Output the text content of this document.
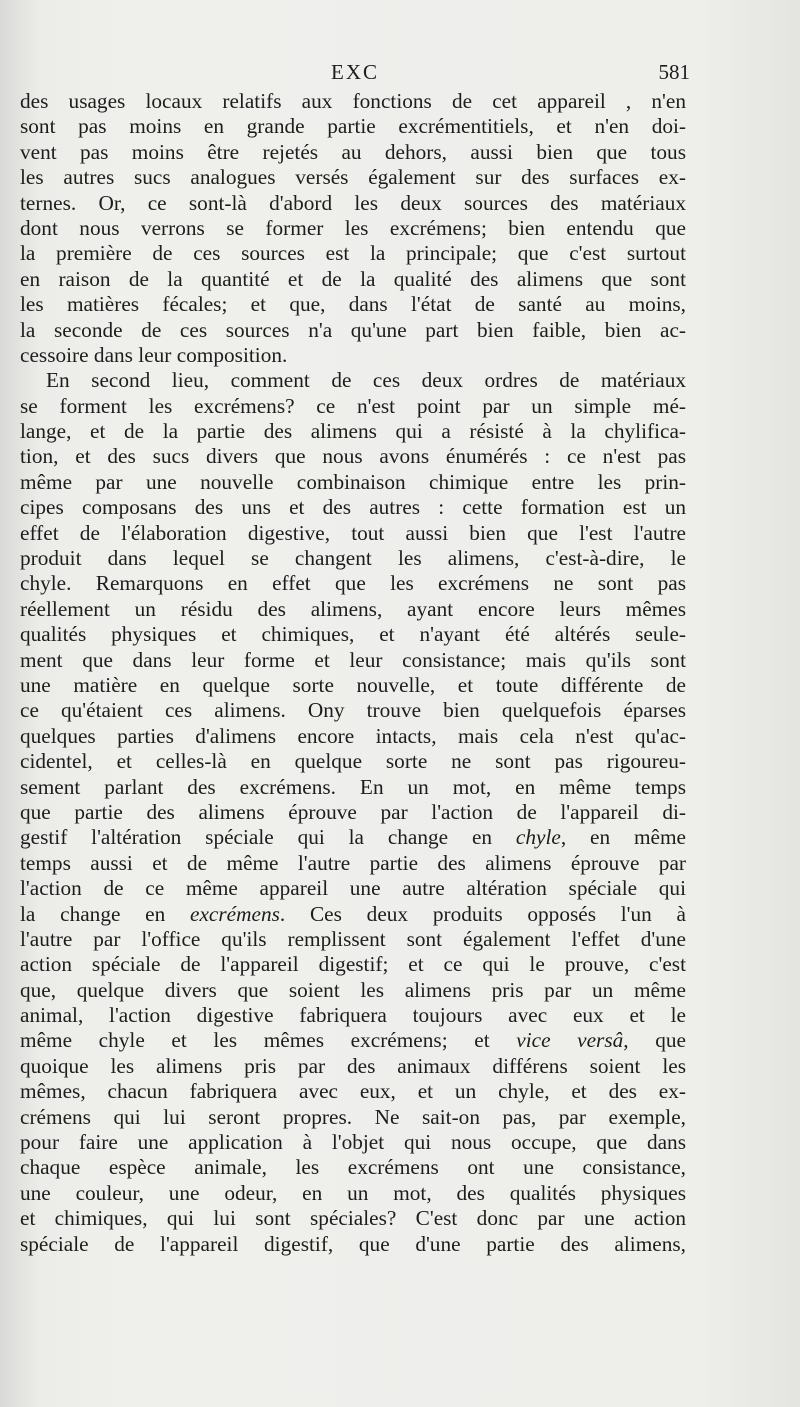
EXC	581
des usages locaux relatifs aux fonctions de cet appareil , n'en
sont pas moins en grande partie excrémentitiels, et n'en doi-
vent pas moins être rejetés au dehors, aussi bien que tous
les autres sucs analogues versés également sur des surfaces ex-
ternes. Or, ce sont-là d'abord les deux sources des matériaux
dont nous verrons se former les excrémens; bien entendu que
la première de ces sources est la principale; que c'est surtout
en raison de la quantité et de la qualité des alimens que sont
les matières fécales; et que, dans l'état de santé au moins,
la seconde de ces sources n'a qu'une part bien faible, bien ac-
cessoire dans leur composition.
En second lieu, comment de ces deux ordres de matériaux
se forment les excrémens? ce n'est point par un simple mé-
lange, et de la partie des alimens qui a résisté à la chylifica-
tion, et des sucs divers que nous avons énumérés : ce n'est pas
même par une nouvelle combinaison chimique entre les prin-
cipes composans des uns et des autres : cette formation est un
effet de l'élaboration digestive, tout aussi bien que l'est l'autre
produit dans lequel se changent les alimens, c'est-à-dire, le
chyle. Remarquons en effet que les excrémens ne sont pas
réellement un résidu des alimens, ayant encore leurs mêmes
qualités physiques et chimiques, et n'ayant été altérés seule-
ment que dans leur forme et leur consistance; mais qu'ils sont
une matière en quelque sorte nouvelle, et toute différente de
ce qu'étaient ces alimens. Ony trouve bien quelquefois éparses
quelques parties d'alimens encore intacts, mais cela n'est qu'ac-
cidentel, et celles-là en quelque sorte ne sont pas rigoureu-
sement parlant des excrémens. En un mot, en même temps
que partie des alimens éprouve par l'action de l'appareil di-
gestif l'altération spéciale qui la change en chyle, en même
temps aussi et de même l'autre partie des alimens éprouve par
l'action de ce même appareil une autre altération spéciale qui
la change en excrémens. Ces deux produits opposés l'un à
l'autre par l'office qu'ils remplissent sont également l'effet d'une
action spéciale de l'appareil digestif; et ce qui le prouve, c'est
que, quelque divers que soient les alimens pris par un même
animal, l'action digestive fabriquera toujours avec eux et le
même chyle et les mêmes excrémens; et vice versâ, que
quoique les alimens pris par des animaux différens soient les
mêmes, chacun fabriquera avec eux, et un chyle, et des ex-
crémens qui lui seront propres. Ne sait-on pas, par exemple,
pour faire une application à l'objet qui nous occupe, que dans
chaque espèce animale, les excrémens ont une consistance,
une couleur, une odeur, en un mot, des qualités physiques
et chimiques, qui lui sont spéciales? C'est donc par une action
spéciale de l'appareil digestif, que d'une partie des alimens,
